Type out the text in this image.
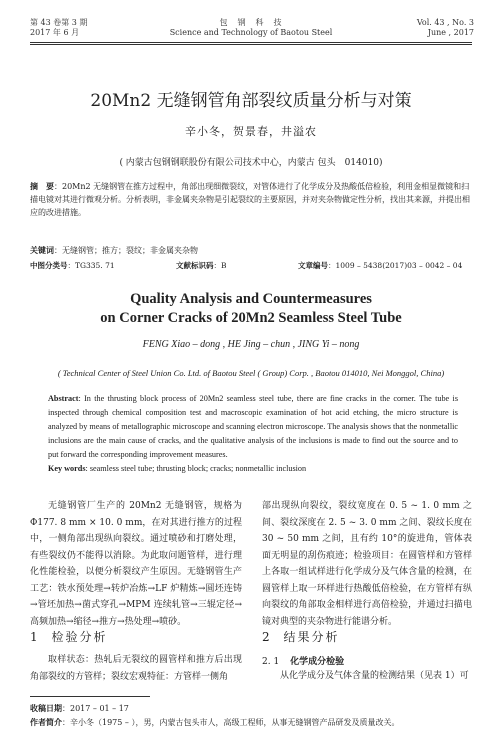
第 43 卷第 3 期
2017 年 6 月
包　钢　科　技
Science and Technology of Baotou Steel
Vol. 43 , No. 3
June , 2017
20Mn2 无缝钢管角部裂纹质量分析与对策
辛小冬，贺景春，井溢农
( 内蒙古包钢钢联股份有限公司技术中心，内蒙古 包头　014010)
摘　要：20Mn2 无缝钢管在推方过程中，角部出现细微裂纹，对管体进行了化学成分及热酸低倍检验，利用金相显微镜和扫描电镜对其进行微观分析。分析表明，非金属夹杂物是引起裂纹的主要原因，并对夹杂物做定性分析，找出其来源，并提出相应的改进措施。
关键词：无缝钢管；推方；裂纹；非金属夹杂物
中图分类号：TG335. 71	文献标识码：B	文章编号：1009 – 5438(2017)03 – 0042 – 04
Quality Analysis and Countermeasures
on Corner Cracks of 20Mn2 Seamless Steel Tube
FENG Xiao – dong , HE Jing – chun , JING Yi – nong
( Technical Center of Steel Union Co. Ltd. of Baotou Steel ( Group) Corp. , Baotou 014010, Nei Monggol, China)
Abstract: In the thrusting block process of 20Mn2 seamless steel tube, there are fine cracks in the corner. The tube is inspected through chemical composition test and macroscopic examination of hot acid etching, the micro structure is analyzed by means of metallographic microscope and scanning electron microscope. The analysis shows that the nonmetallic inclusions are the main cause of cracks, and the qualitative analysis of the inclusions is made to find out the source and to put forward the corresponding improvement measures.
Key words: seamless steel tube; thrusting block; cracks; nonmetallic inclusion
无缝钢管厂生产的 20Mn2 无缝钢管，规格为 Φ177. 8 mm × 10. 0 mm，在对其进行推方的过程中，一侧角部出现纵向裂纹。通过喷砂和打磨处理，有些裂纹仍不能得以消除。为此取问题管样，进行理化性能检验，以便分析裂纹产生原因。无缝钢管生产工艺：铁水预处理→转炉冶炼→LF 炉精炼→圆坯连铸→管坯加热→菌式穿孔→MPM 连续轧管→三辊定径→高频加热→缩径→推方→热处理→喷砂。
1 检验分析
取样状态：热轧后无裂纹的圆管样和推方后出现角部裂纹的方管样；裂纹宏观特征：方管样一侧角
部出现纵向裂纹，裂纹宽度在 0. 5 ~ 1. 0 mm 之间、裂纹深度在 2. 5 ~ 3. 0 mm 之间、裂纹长度在 30 ~ 50 mm 之间，且有约 10°的旋进角，管体表面无明显的刮伤痕迹；检验项目：在圆管样和方管样上各取一组试样进行化学成分及气体含量的检测，在圆管样上取一环样进行热酸低倍检验，在方管样有纵向裂纹的角部取金相样进行高倍检验，并通过扫描电镜对典型的夹杂物进行能谱分析。
2 结果分析
2. 1 化学成分检验
从化学成分及气体含量的检测结果（见表 1）可
收稿日期：2017 – 01 – 17
作者简介：辛小冬（1975 – ），男，内蒙古包头市人，高级工程师，从事无缝钢管产品研发及质量改关。
